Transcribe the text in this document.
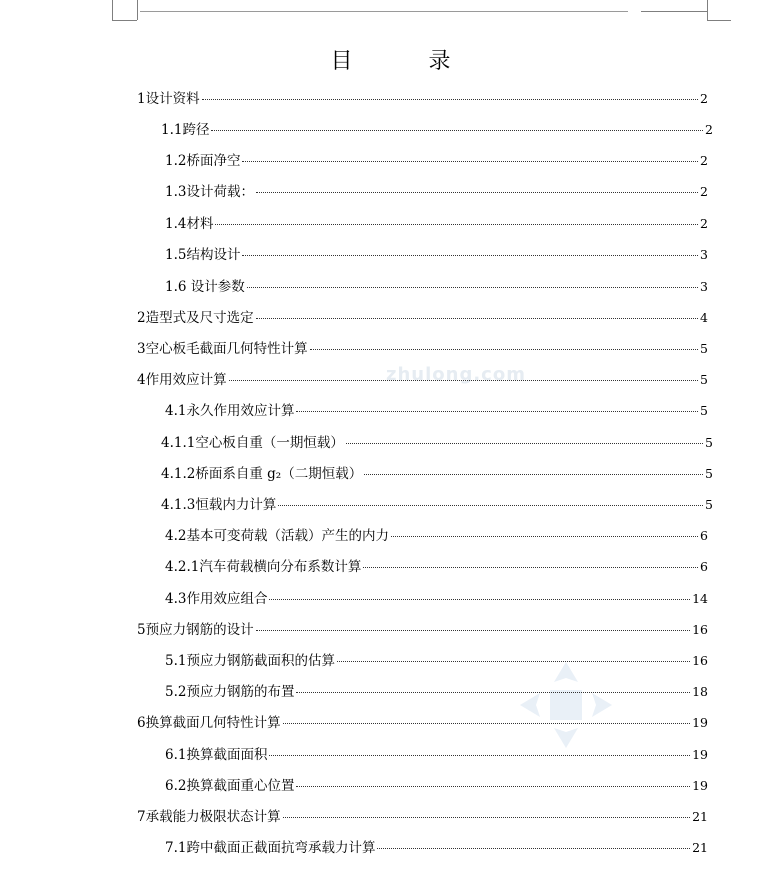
目	录
zhulong.com
1设计资料	2
1.1跨径	2
1.2桥面净空	2
1.3设计荷载：	2
1.4材料	2
1.5结构设计	3
1.6 设计参数	3
2造型式及尺寸选定	4
3空心板毛截面几何特性计算	5
4作用效应计算	5
4.1永久作用效应计算	5
4.1.1空心板自重（一期恒载）	5
4.1.2桥面系自重 g₂（二期恒载）	5
4.1.3恒载内力计算	5
4.2基本可变荷载（活载）产生的内力	6
4.2.1汽车荷载横向分布系数计算	6
4.3作用效应组合	14
5预应力钢筋的设计	16
5.1预应力钢筋截面积的估算	16
5.2预应力钢筋的布置	18
6换算截面几何特性计算	19
6.1换算截面面积	19
6.2换算截面重心位置	19
7承载能力极限状态计算	21
7.1跨中截面正截面抗弯承载力计算	21
